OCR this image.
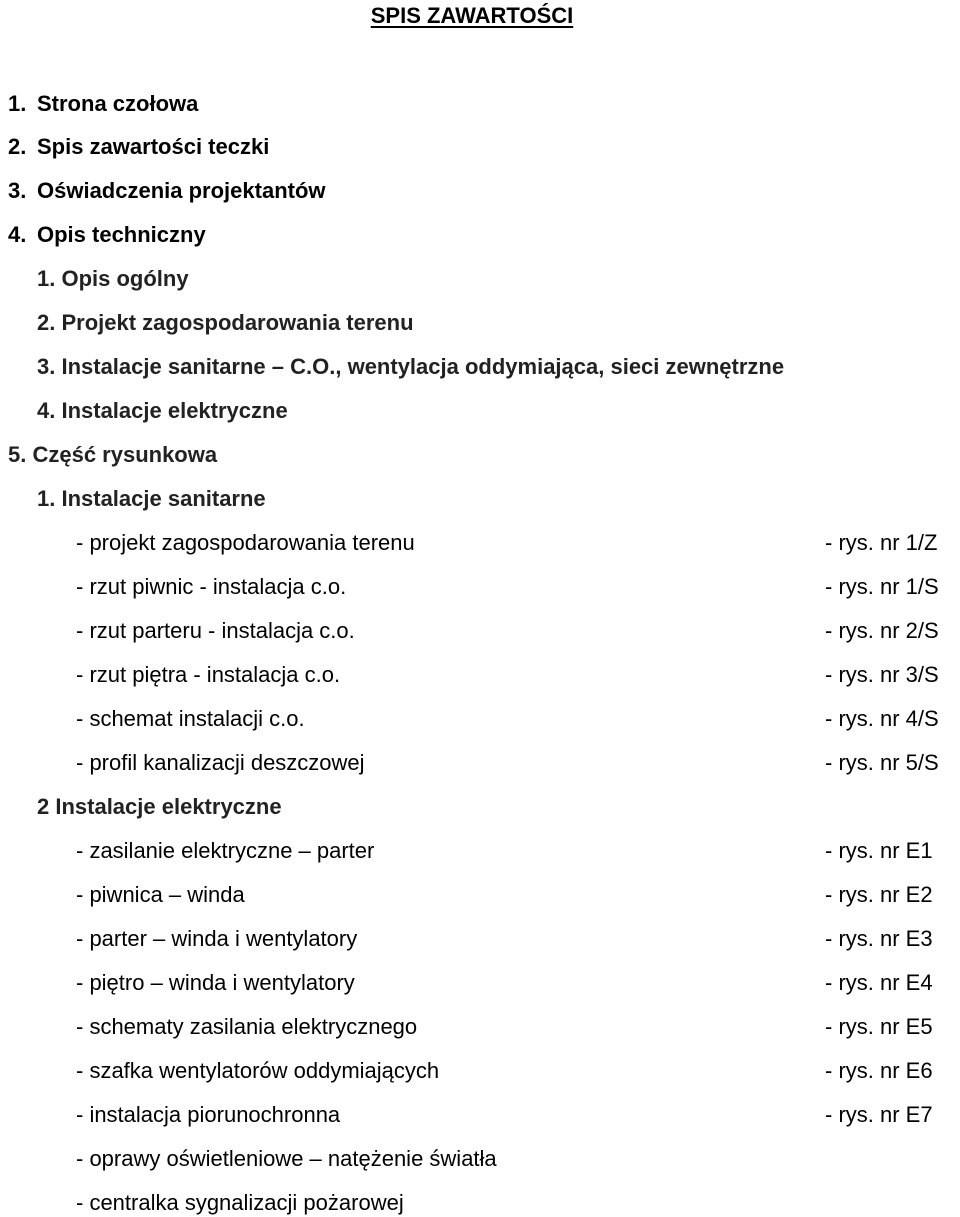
SPIS ZAWARTOŚCI
1. Strona czołowa
2. Spis zawartości teczki
3. Oświadczenia projektantów
4. Opis techniczny
1. Opis ogólny
2. Projekt zagospodarowania terenu
3. Instalacje sanitarne – C.O., wentylacja oddymiająca, sieci zewnętrzne
4. Instalacje elektryczne
5. Część rysunkowa
1. Instalacje sanitarne
- projekt zagospodarowania terenu	- rys. nr 1/Z
- rzut piwnic - instalacja c.o.	- rys. nr 1/S
- rzut parteru - instalacja c.o.	- rys. nr 2/S
- rzut piętra - instalacja c.o.	- rys. nr 3/S
- schemat instalacji c.o.	- rys. nr 4/S
- profil kanalizacji deszczowej	- rys. nr 5/S
2 Instalacje elektryczne
- zasilanie elektryczne – parter	- rys. nr E1
- piwnica – winda	- rys. nr E2
- parter – winda i wentylatory	- rys. nr E3
- piętro – winda i wentylatory	- rys. nr E4
- schematy zasilania elektrycznego	- rys. nr E5
- szafka wentylatorów oddymiających	- rys. nr E6
- instalacja piorunochronna	- rys. nr E7
- oprawy oświetleniowe – natężenie światła
- centralka sygnalizacji pożarowej
